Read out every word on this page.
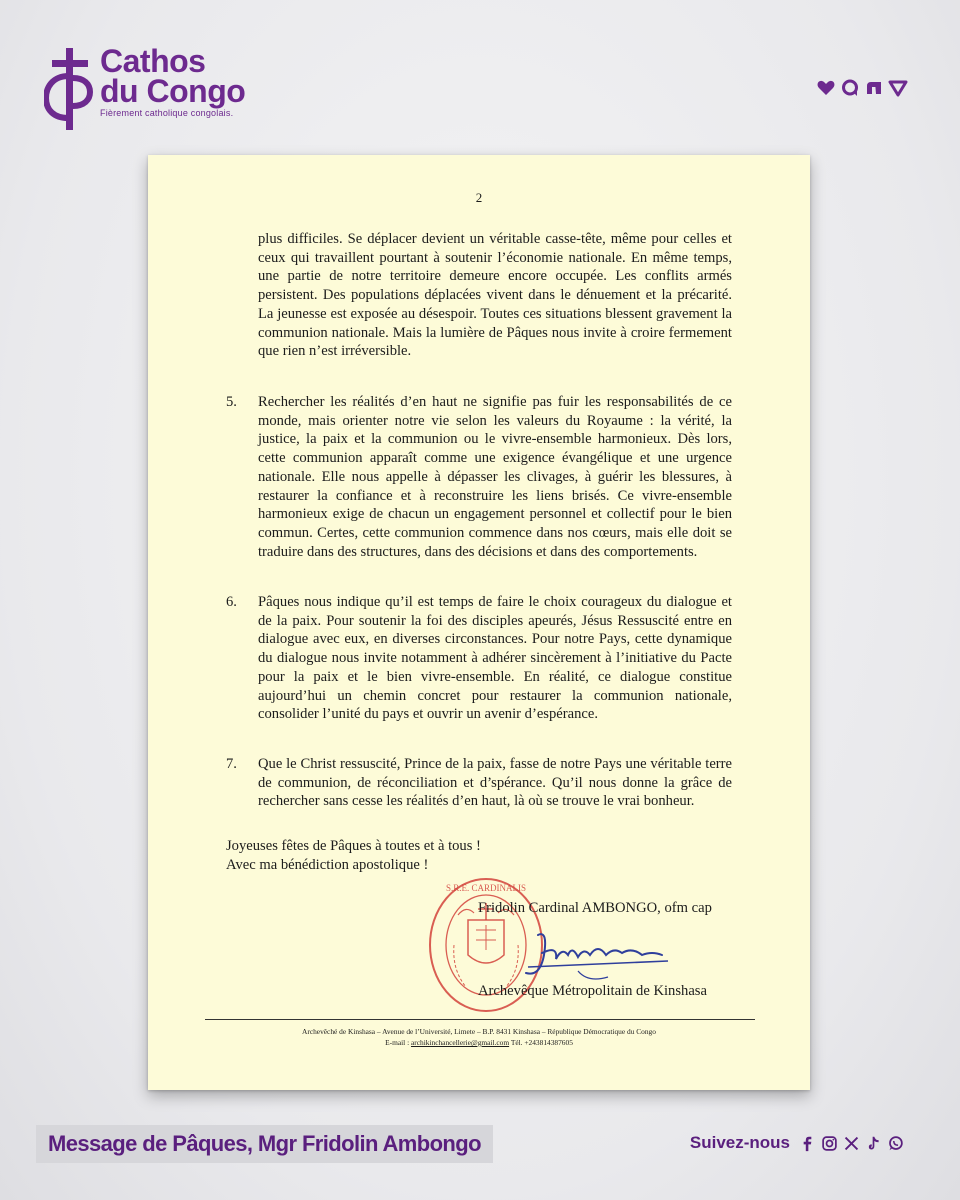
Cathos
du Congo
Fièrement catholique congolais.
2
plus difficiles. Se déplacer devient un véritable casse-tête, même pour celles et ceux qui travaillent pourtant à soutenir l’économie nationale. En même temps, une partie de notre territoire demeure encore occupée. Les conflits armés persistent. Des populations déplacées vivent dans le dénuement et la précarité. La jeunesse est exposée au désespoir. Toutes ces situations blessent gravement la communion nationale. Mais la lumière de Pâques nous invite à croire fermement que rien n’est irréversible.
5. Rechercher les réalités d’en haut ne signifie pas fuir les responsabilités de ce monde, mais orienter notre vie selon les valeurs du Royaume : la vérité, la justice, la paix et la communion ou le vivre-ensemble harmonieux. Dès lors, cette communion apparaît comme une exigence évangélique et une urgence nationale. Elle nous appelle à dépasser les clivages, à guérir les blessures, à restaurer la confiance et à reconstruire les liens brisés. Ce vivre-ensemble harmonieux exige de chacun un engagement personnel et collectif pour le bien commun. Certes, cette communion commence dans nos cœurs, mais elle doit se traduire dans des structures, dans des décisions et dans des comportements.
6. Pâques nous indique qu’il est temps de faire le choix courageux du dialogue et de la paix. Pour soutenir la foi des disciples apeurés, Jésus Ressuscité entre en dialogue avec eux, en diverses circonstances. Pour notre Pays, cette dynamique du dialogue nous invite notamment à adhérer sincèrement à l’initiative du Pacte pour la paix et le bien vivre-ensemble. En réalité, ce dialogue constitue aujourd’hui un chemin concret pour restaurer la communion nationale, consolider l’unité du pays et ouvrir un avenir d’espérance.
7. Que le Christ ressuscité, Prince de la paix, fasse de notre Pays une véritable terre de communion, de réconciliation et d’spérance. Qu’il nous donne la grâce de rechercher sans cesse les réalités d’en haut, là où se trouve le vrai bonheur.
Joyeuses fêtes de Pâques à toutes et à tous !
Avec ma bénédiction apostolique !
S.R.E. CARDINALIS
Fridolin Cardinal AMBONGO, ofm cap
Archevêque Métropolitain de Kinshasa
Archevêché de Kinshasa – Avenue de l’Université, Limete – B.P. 8431 Kinshasa – République Démocratique du Congo
E-mail : archikinchancellerie@gmail.com Tél. +243814387605
Message de Pâques, Mgr Fridolin Ambongo	Suivez-nous
